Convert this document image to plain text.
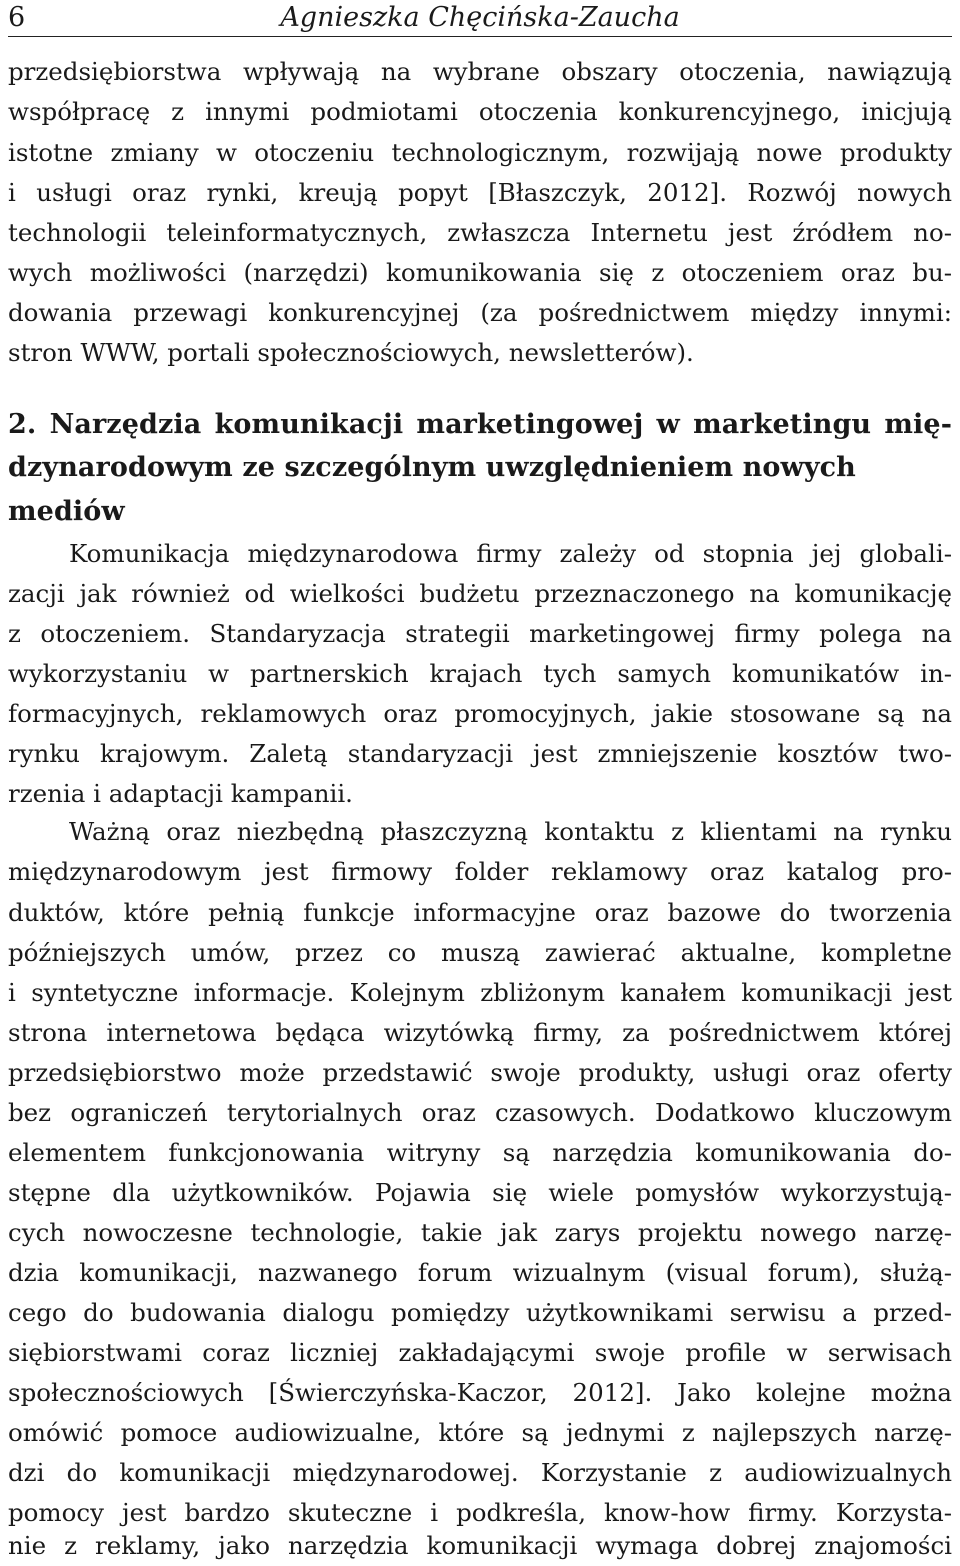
6	Agnieszka Chęcińska-Zaucha
przedsiębiorstwa wpływają na wybrane obszary otoczenia, nawiązują
współpracę z innymi podmiotami otoczenia konkurencyjnego, inicjują
istotne zmiany w otoczeniu technologicznym, rozwijają nowe produkty
i usługi oraz rynki, kreują popyt [Błaszczyk, 2012]. Rozwój nowych
technologii teleinformatycznych, zwłaszcza Internetu jest źródłem no-
wych możliwości (narzędzi) komunikowania się z otoczeniem oraz bu-
dowania przewagi konkurencyjnej (za pośrednictwem między innymi:
stron WWW, portali społecznościowych, newsletterów).
2. Narzędzia komunikacji marketingowej w marketingu mię-
dzynarodowym ze szczególnym uwzględnieniem nowych
mediów
Komunikacja międzynarodowa firmy zależy od stopnia jej globali-
zacji jak również od wielkości budżetu przeznaczonego na komunikację
z otoczeniem. Standaryzacja strategii marketingowej firmy polega na
wykorzystaniu w partnerskich krajach tych samych komunikatów in-
formacyjnych, reklamowych oraz promocyjnych, jakie stosowane są na
rynku krajowym. Zaletą standaryzacji jest zmniejszenie kosztów two-
rzenia i adaptacji kampanii.
Ważną oraz niezbędną płaszczyzną kontaktu z klientami na rynku
międzynarodowym jest firmowy folder reklamowy oraz katalog pro-
duktów, które pełnią funkcje informacyjne oraz bazowe do tworzenia
późniejszych umów, przez co muszą zawierać aktualne, kompletne
i syntetyczne informacje. Kolejnym zbliżonym kanałem komunikacji jest
strona internetowa będąca wizytówką firmy, za pośrednictwem której
przedsiębiorstwo może przedstawić swoje produkty, usługi oraz oferty
bez ograniczeń terytorialnych oraz czasowych. Dodatkowo kluczowym
elementem funkcjonowania witryny są narzędzia komunikowania do-
stępne dla użytkowników. Pojawia się wiele pomysłów wykorzystują-
cych nowoczesne technologie, takie jak zarys projektu nowego narzę-
dzia komunikacji, nazwanego forum wizualnym (visual forum), służą-
cego do budowania dialogu pomiędzy użytkownikami serwisu a przed-
siębiorstwami coraz liczniej zakładającymi swoje profile w serwisach
społecznościowych [Świerczyńska-Kaczor, 2012]. Jako kolejne można
omówić pomoce audiowizualne, które są jednymi z najlepszych narzę-
dzi do komunikacji międzynarodowej. Korzystanie z audiowizualnych
pomocy jest bardzo skuteczne i podkreśla, know-how firmy. Korzysta-
nie z reklamy, jako narzędzia komunikacji wymaga dobrej znajomości
